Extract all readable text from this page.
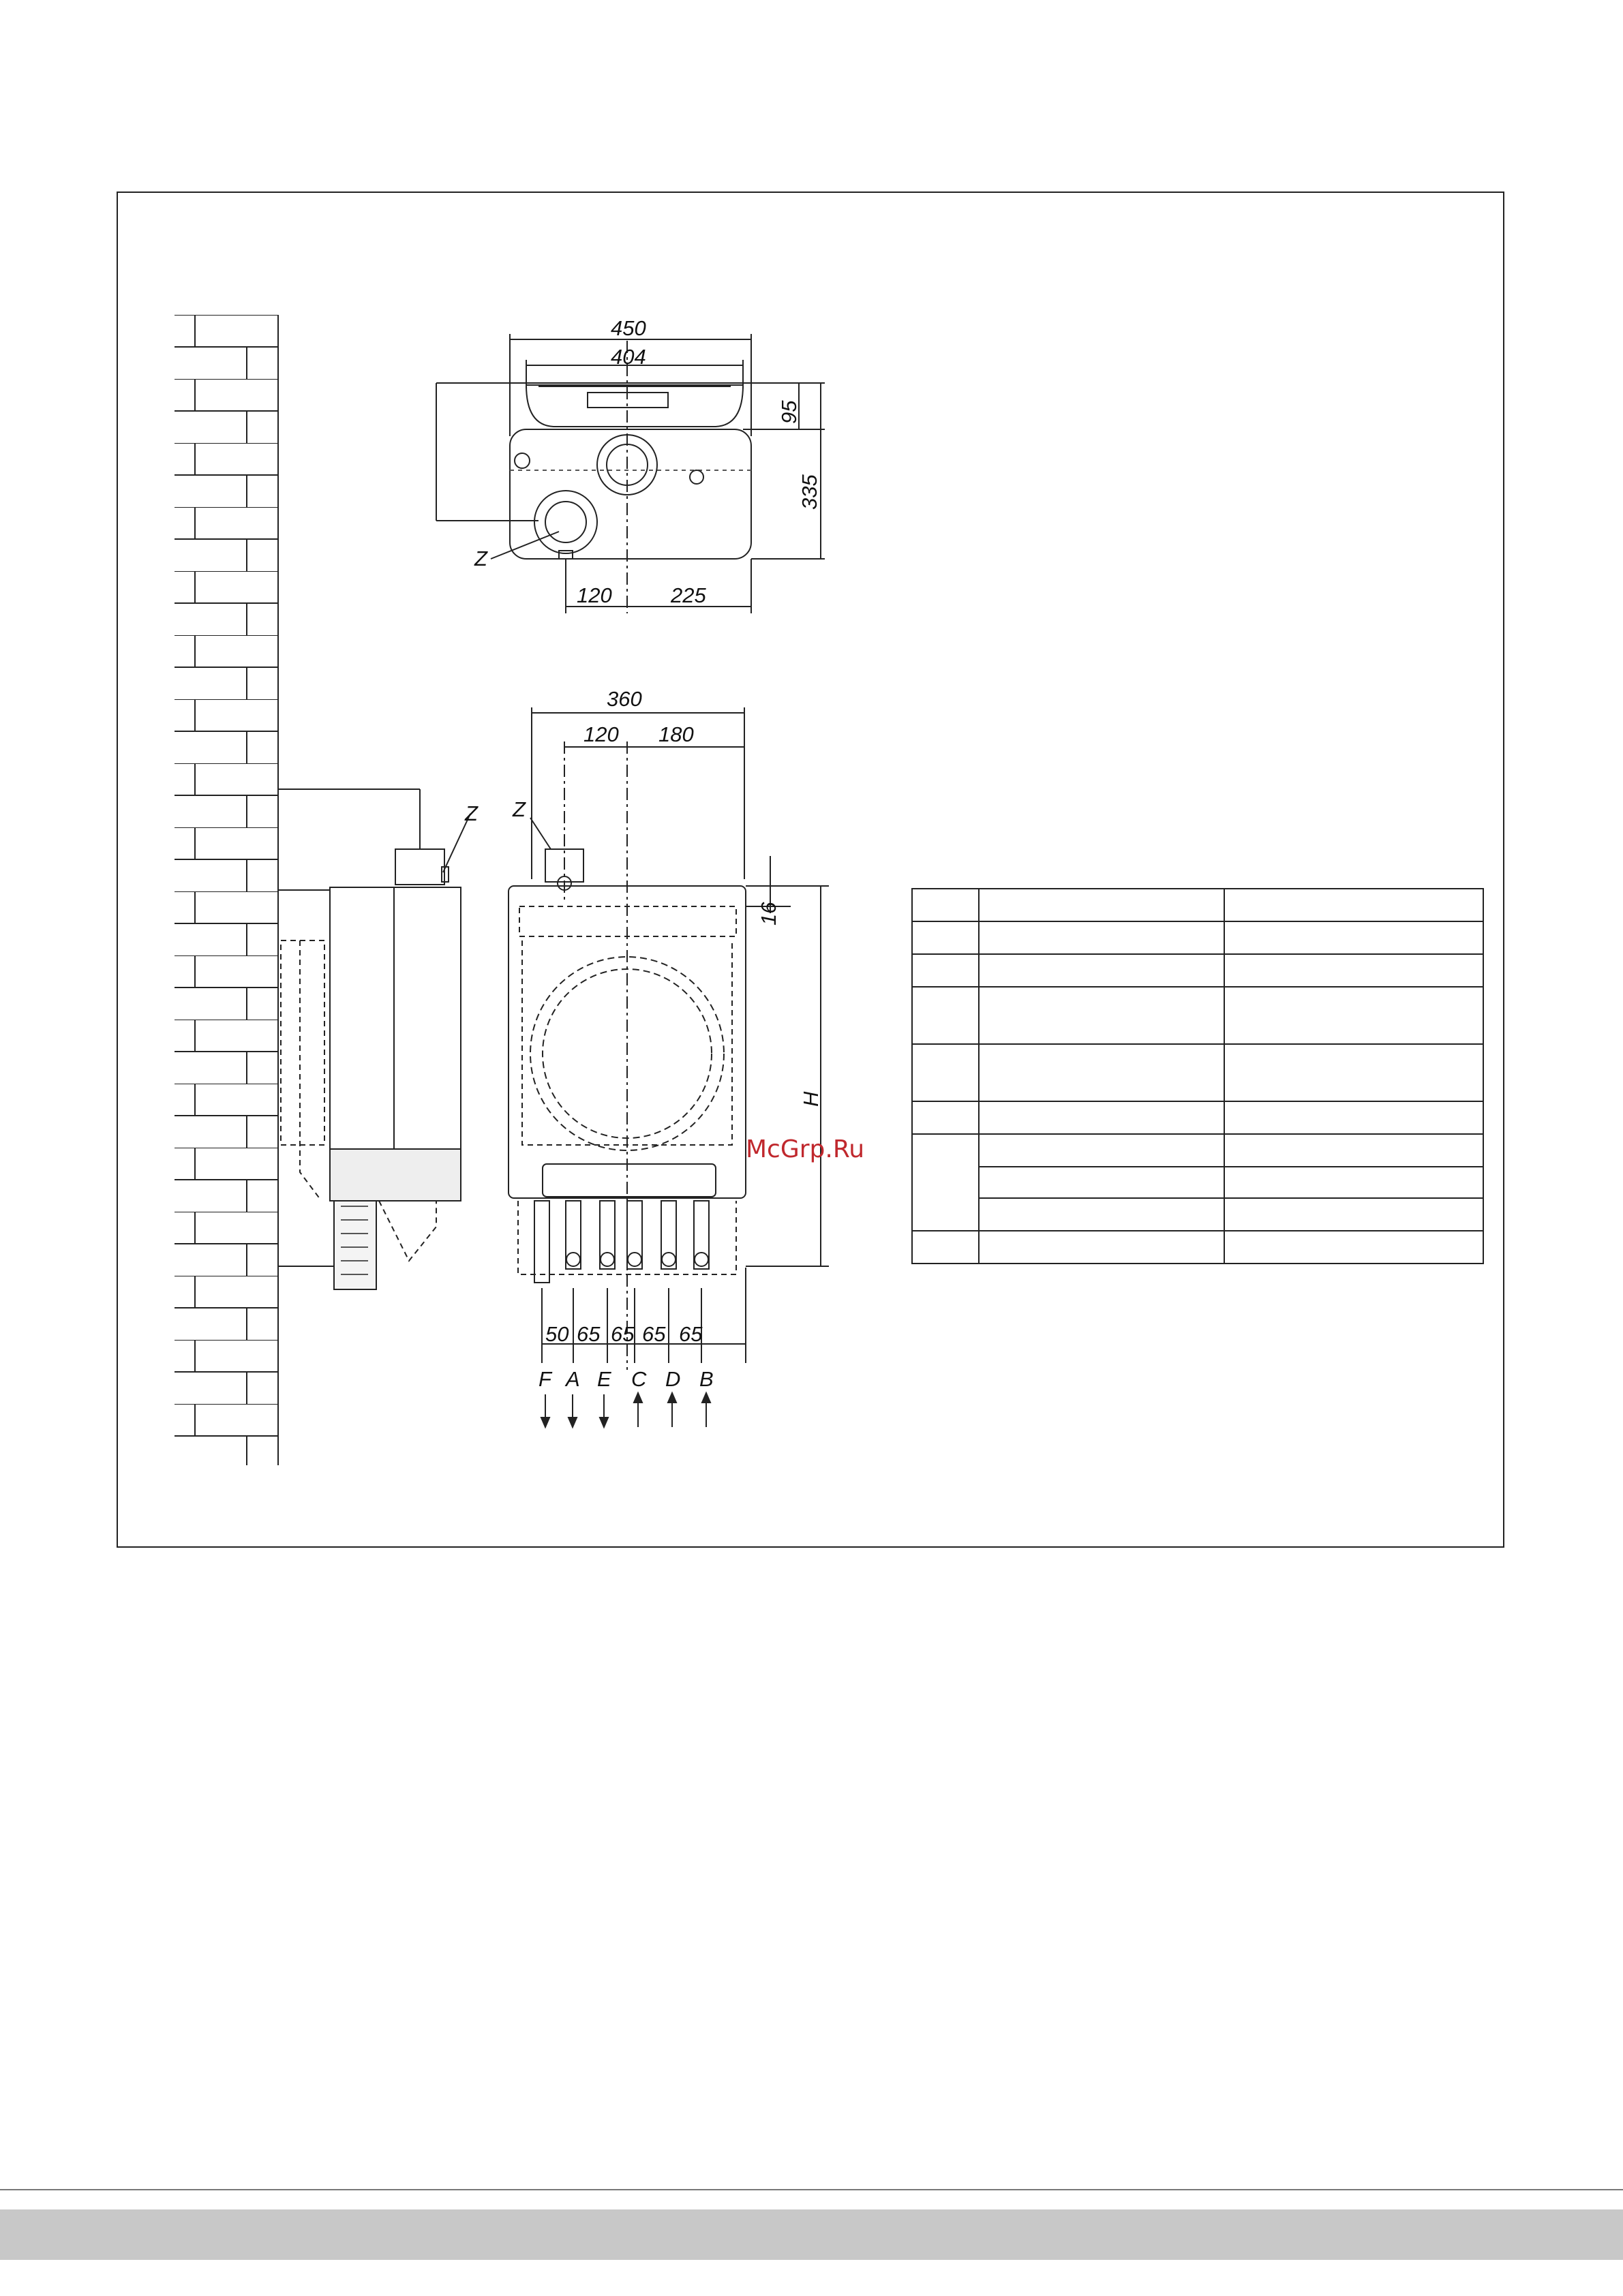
450
404
95
335
120	225
Z
Z
360
120 180
16
H
Z
50 65 65 65 65
F A E C D B
McGrp.Ru
